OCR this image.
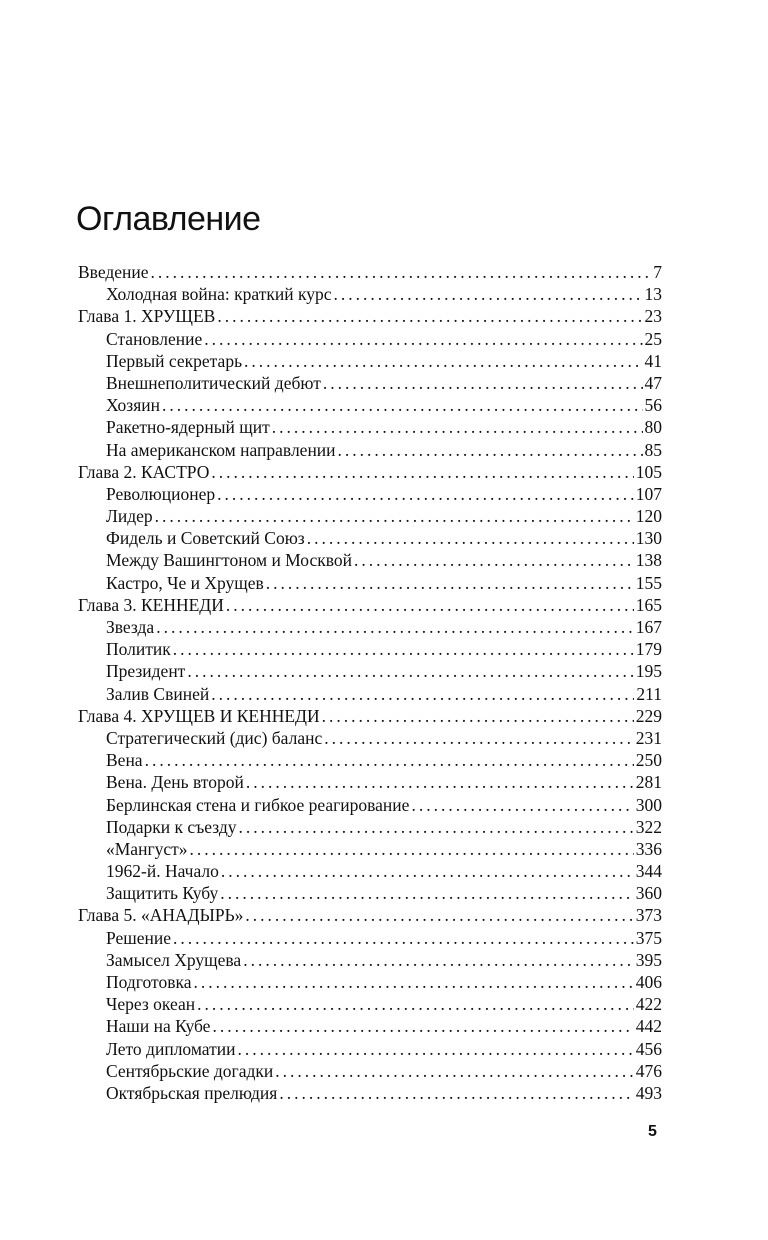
Оглавление
Введение .....	7
Холодная война: краткий курс .....	13
Глава 1. ХРУЩЕВ .....	23
Становление .....	25
Первый секретарь .....	41
Внешнеполитический дебют .....	47
Хозяин .....	56
Ракетно-ядерный щит .....	80
На американском направлении .....	85
Глава 2. КАСТРО .....	105
Революционер .....	107
Лидер .....	120
Фидель и Советский Союз .....	130
Между Вашингтоном и Москвой .....	138
Кастро, Че и Хрущев .....	155
Глава 3. КЕННЕДИ .....	165
Звезда .....	167
Политик .....	179
Президент .....	195
Залив Свиней .....	211
Глава 4. ХРУЩЕВ И КЕННЕДИ .....	229
Стратегический (дис) баланс .....	231
Вена .....	250
Вена. День второй .....	281
Берлинская стена и гибкое реагирование .....	300
Подарки к съезду .....	322
«Мангуст» .....	336
1962-й. Начало .....	344
Защитить Кубу .....	360
Глава 5. «АНАДЫРЬ» .....	373
Решение .....	375
Замысел Хрущева .....	395
Подготовка .....	406
Через океан .....	422
Наши на Кубе .....	442
Лето дипломатии .....	456
Сентябрьские догадки .....	476
Октябрьская прелюдия .....	493
5
